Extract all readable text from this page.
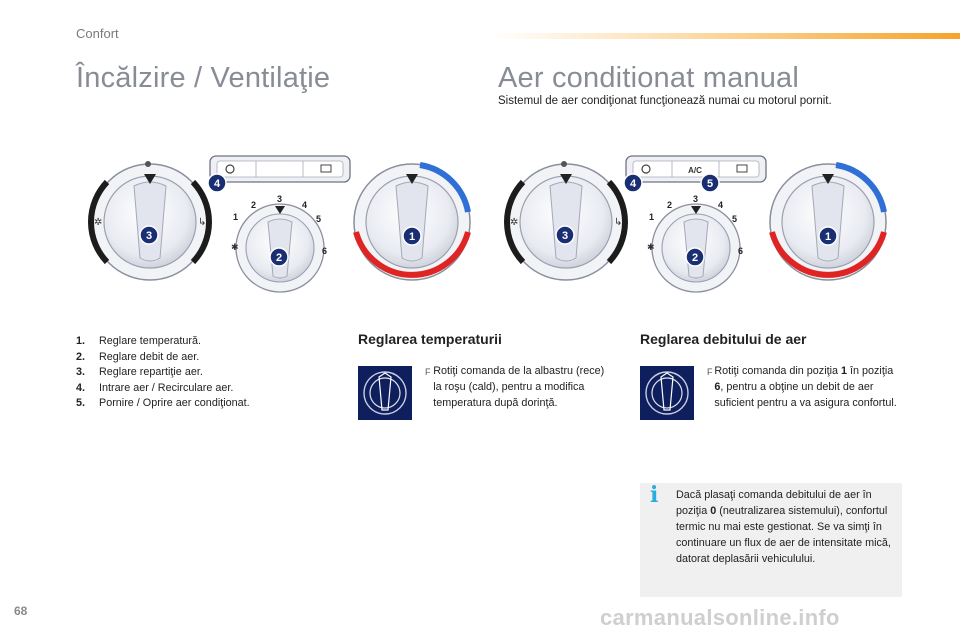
Confort
Încălzire / Ventilaţie	Aer conditionat manual
Sistemul de aer condiţionat funcţionează numai cu motorul pornit.
✲	↳	1
2
3
4
5
6
✱
4
3
2
1
A/C
✲	↳	1
2
3
4
5
6
✱
4	5
3
2
1
1.	Reglare temperatură.
2.	Reglare debit de aer.
3.	Reglare repartiţie aer.
4.	Intrare aer / Recirculare aer.
5.	Pornire / Oprire aer condiţionat.
Reglarea temperaturii
F Rotiţi comanda de la albastru (rece) la roşu (cald), pentru a modifica temperatura după dorinţă.
Reglarea debitului de aer
F Rotiţi comanda din poziţia 1 în poziţia 6, pentru a obţine un debit de aer suficient pentru a va asigura confortul.
i	Dacă plasaţi comanda debitului de aer în poziţia 0 (neutralizarea sistemului), confortul termic nu mai este gestionat. Se va simţi în continuare un flux de aer de intensitate mică, datorat deplasării vehiculului.
68	carmanualsonline.info
